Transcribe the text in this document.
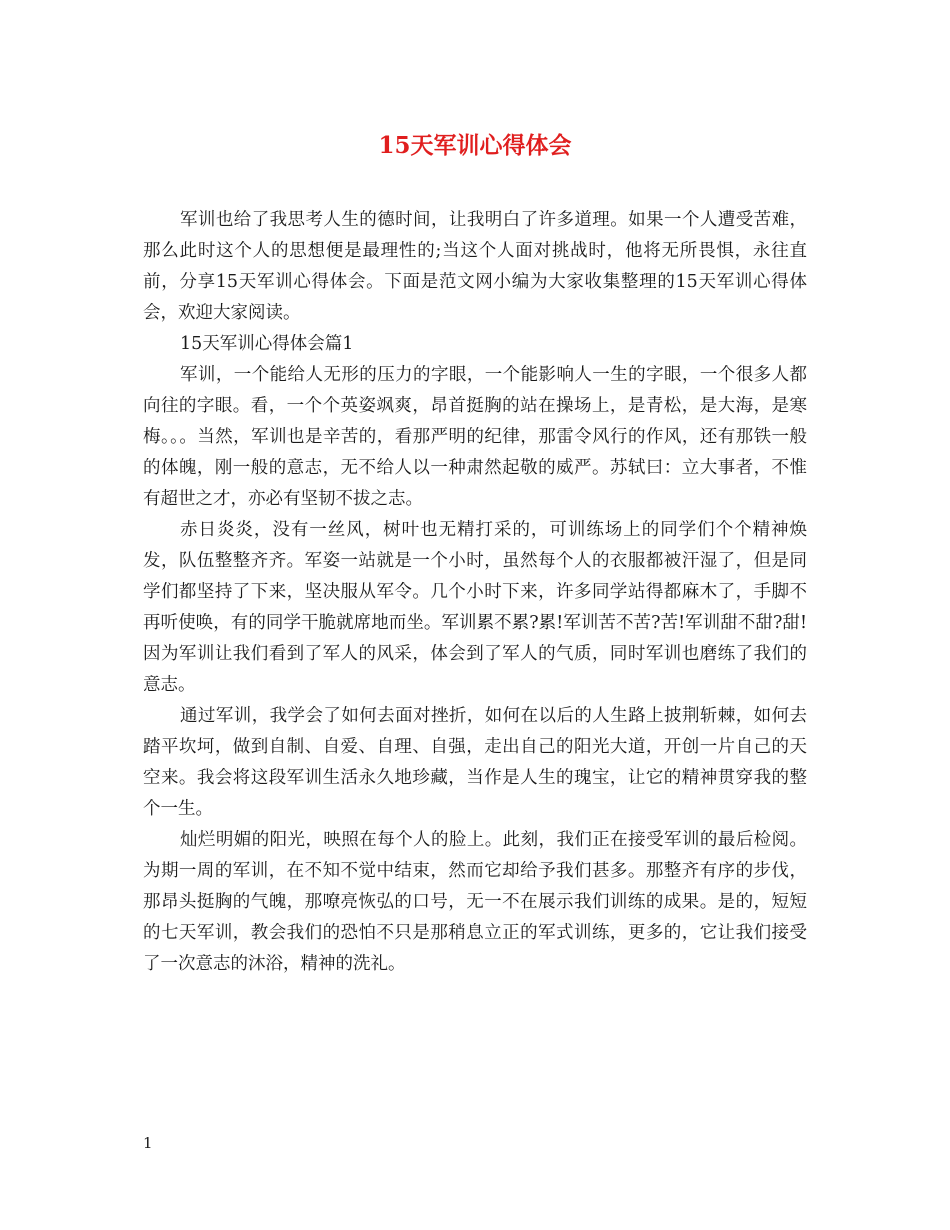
15天军训心得体会

军训也给了我思考人生的德时间，让我明白了许多道理。如果一个人遭受苦难，那么此时这个人的思想便是最理性的;当这个人面对挑战时，他将无所畏惧，永往直前，分享15天军训心得体会。下面是范文网小编为大家收集整理的15天军训心得体会，欢迎大家阅读。

15天军训心得体会篇1

军训，一个能给人无形的压力的字眼，一个能影响人一生的字眼，一个很多人都向往的字眼。看，一个个英姿飒爽，昂首挺胸的站在操场上，是青松，是大海，是寒梅。。。当然，军训也是辛苦的，看那严明的纪律，那雷令风行的作风，还有那铁一般的体魄，刚一般的意志，无不给人以一种肃然起敬的威严。苏轼曰：立大事者，不惟有超世之才，亦必有坚韧不拔之志。

赤日炎炎，没有一丝风，树叶也无精打采的，可训练场上的同学们个个精神焕发，队伍整整齐齐。军姿一站就是一个小时，虽然每个人的衣服都被汗湿了，但是同学们都坚持了下来，坚决服从军令。几个小时下来，许多同学站得都麻木了，手脚不再听使唤，有的同学干脆就席地而坐。军训累不累?累!军训苦不苦?苦!军训甜不甜?甜!因为军训让我们看到了军人的风采，体会到了军人的气质，同时军训也磨练了我们的意志。

通过军训，我学会了如何去面对挫折，如何在以后的人生路上披荆斩棘，如何去踏平坎坷，做到自制、自爱、自理、自强，走出自己的阳光大道，开创一片自己的天空来。我会将这段军训生活永久地珍藏，当作是人生的瑰宝，让它的精神贯穿我的整个一生。

灿烂明媚的阳光，映照在每个人的脸上。此刻，我们正在接受军训的最后检阅。为期一周的军训，在不知不觉中结束，然而它却给予我们甚多。那整齐有序的步伐，那昂头挺胸的气魄，那嘹亮恢弘的口号，无一不在展示我们训练的成果。是的，短短的七天军训，教会我们的恐怕不只是那稍息立正的军式训练，更多的，它让我们接受了一次意志的沐浴，精神的洗礼。

1
